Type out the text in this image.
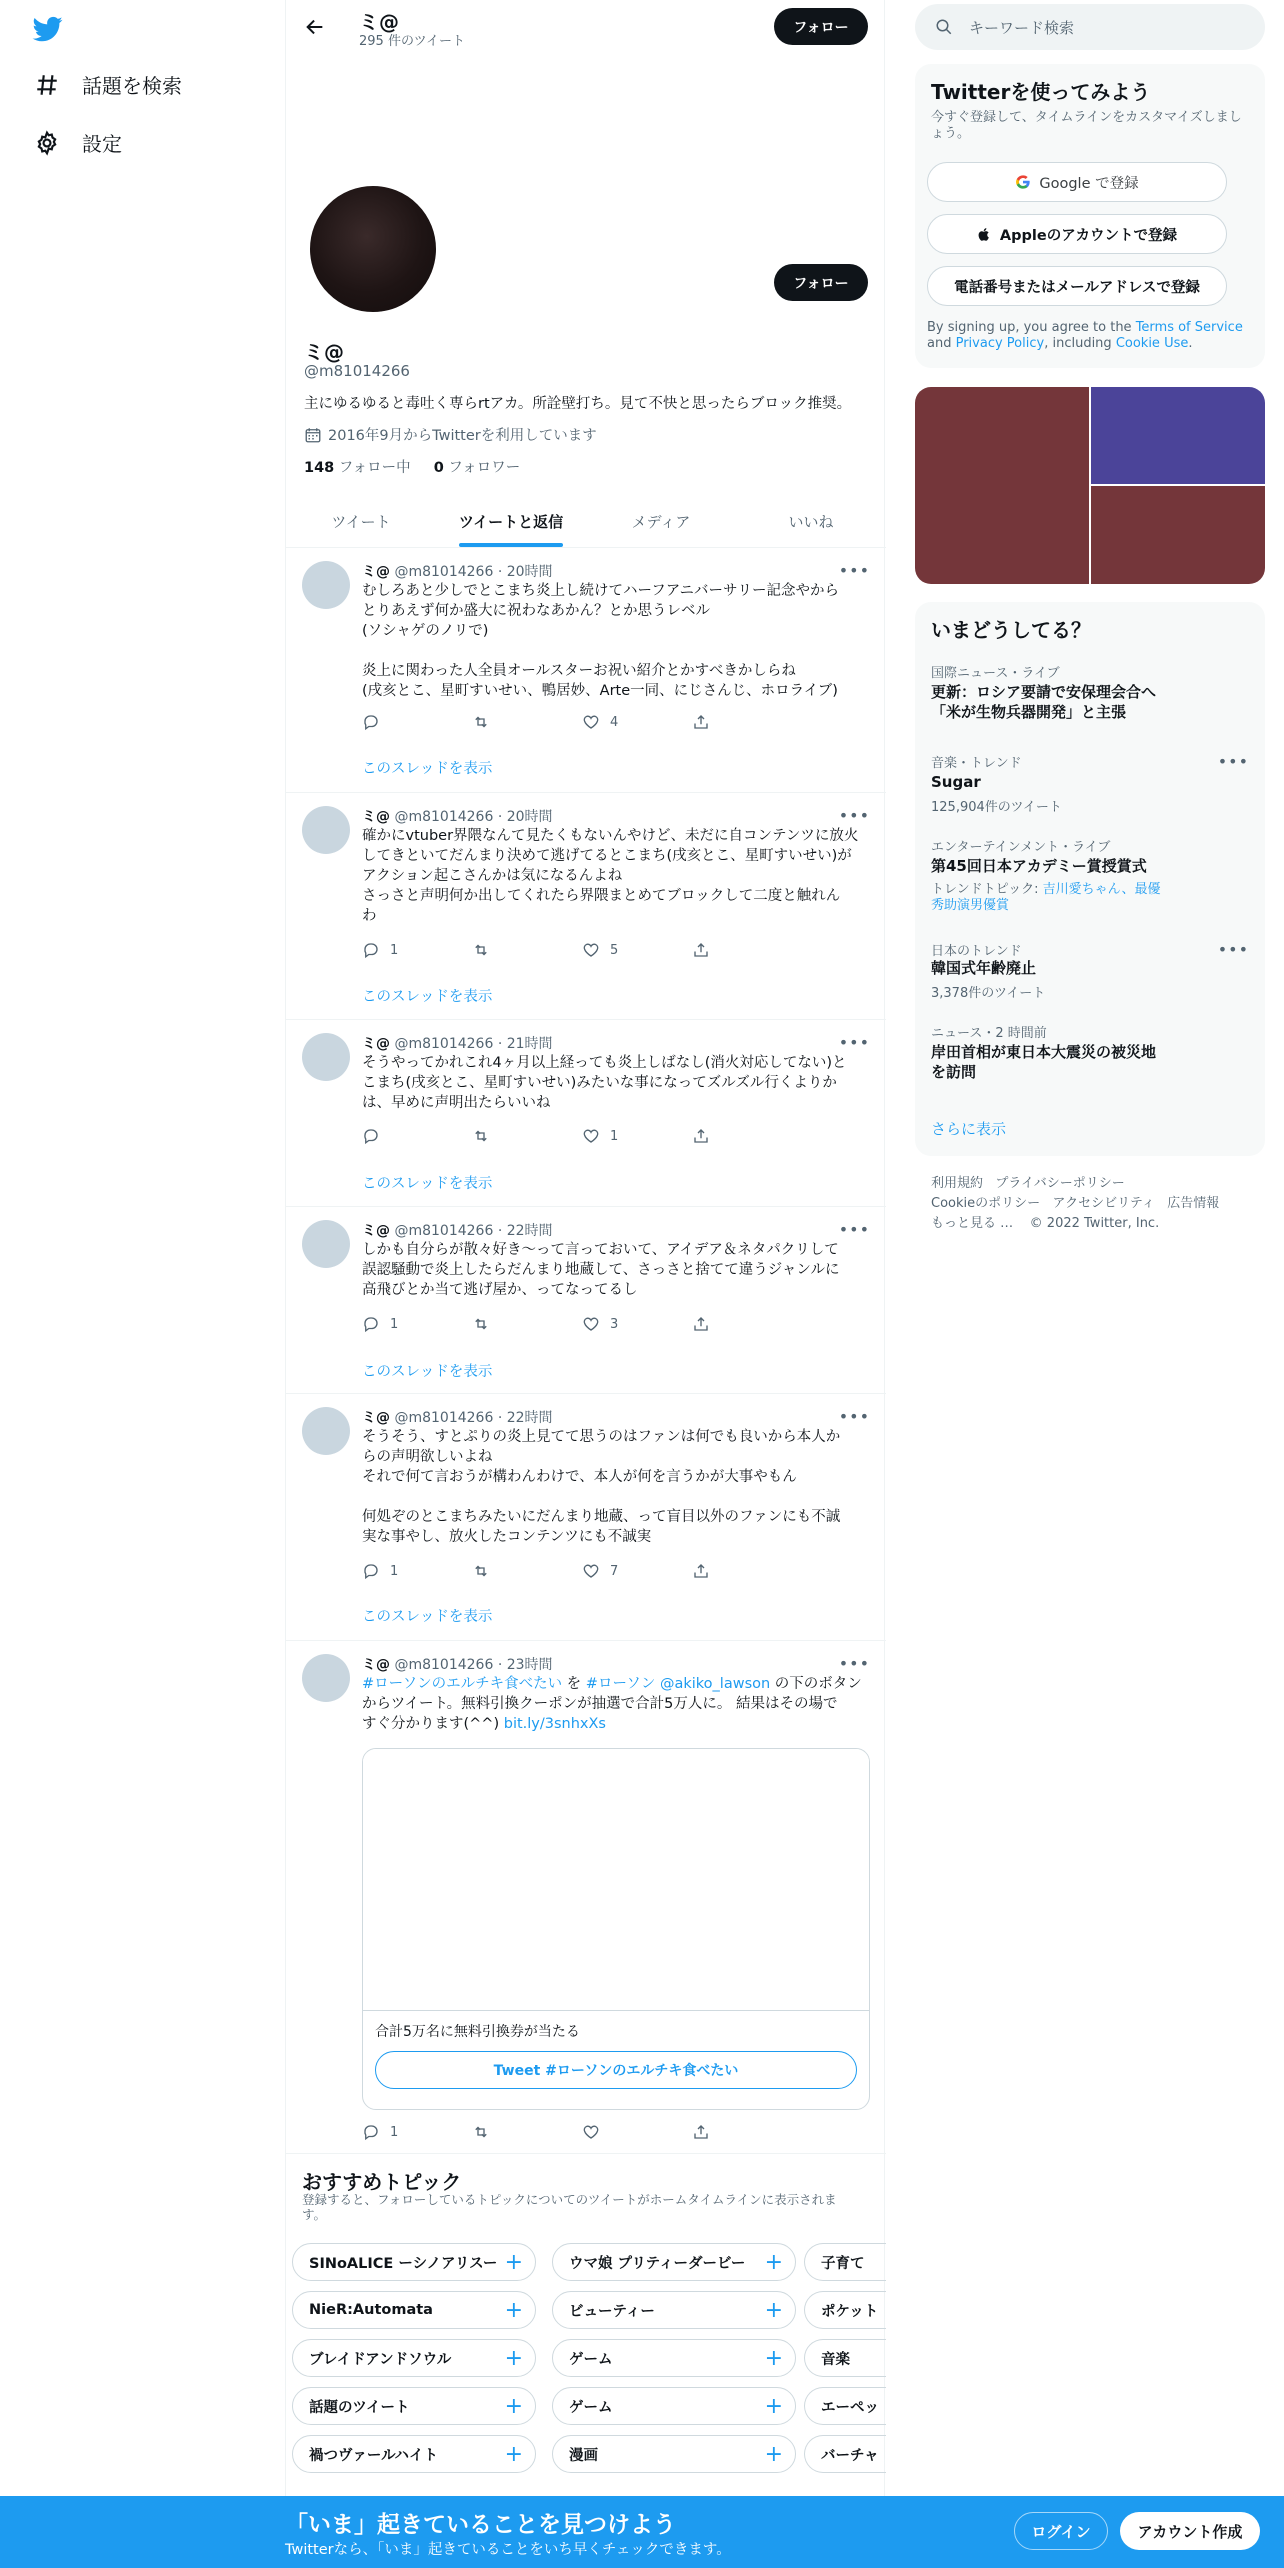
話題を検索
設定
ミ@
295 件のツイート
フォロー
フォロー
ミ@
@m81014266
主にゆるゆると毒吐く専らrtアカ。所詮壁打ち。見て不快と思ったらブロック推奨。
2016年9月からTwitterを利用しています
148 フォロー中 0 フォロワー
ツイート	ツイートと返信	メディア	いいね
ミ@ @m81014266 · 20時間	•••
むしろあと少しでとこまち炎上し続けてハーフアニバーサリー記念やから
とりあえず何か盛大に祝わなあかん？とか思うレベル
(ソシャゲのノリで)

炎上に関わった人全員オールスターお祝い紹介とかすべきかしらね
(戌亥とこ、星町すいせい、鴨居妙、Arte一同、にじさんじ、ホロライブ)
4
このスレッドを表示
ミ@ @m81014266 · 20時間	•••
確かにvtuber界隈なんて見たくもないんやけど、未だに自コンテンツに放火
してきといてだんまり決めて逃げてるとこまち(戌亥とこ、星町すいせい)が
アクション起こさんかは気になるんよね
さっさと声明何か出してくれたら界隈まとめてブロックして二度と触れん
わ
1	5
このスレッドを表示
ミ@ @m81014266 · 21時間	•••
そうやってかれこれ4ヶ月以上経っても炎上しばなし(消火対応してない)と
こまち(戌亥とこ、星町すいせい)みたいな事になってズルズル行くよりか
は、早めに声明出たらいいね
1
このスレッドを表示
ミ@ @m81014266 · 22時間	•••
しかも自分らが散々好き〜って言っておいて、アイデア＆ネタパクリして
誤認騒動で炎上したらだんまり地蔵して、さっさと捨てて違うジャンルに
高飛びとか当て逃げ屋か、ってなってるし
1	3
このスレッドを表示
ミ@ @m81014266 · 22時間	•••
そうそう、すとぷりの炎上見てて思うのはファンは何でも良いから本人か
らの声明欲しいよね
それで何て言おうが構わんわけで、本人が何を言うかが大事やもん

何処ぞのとこまちみたいにだんまり地蔵、って盲目以外のファンにも不誠
実な事やし、放火したコンテンツにも不誠実
1	7
このスレッドを表示
ミ@ @m81014266 · 23時間	•••
#ローソンのエルチキ食べたい を #ローソン @akiko_lawson の下のボタン
からツイート。無料引換クーポンが抽選で合計5万人に。 結果はその場で
すぐ分かります(^^) bit.ly/3snhxXs
合計5万名に無料引換券が当たる
Tweet #ローソンのエルチキ食べたい
1
おすすめトピック
登録すると、フォローしているトピックについてのツイートがホームタイムラインに表示されま
す。
SINoALICE ーシノアリスー +	ウマ娘 プリティーダービー +	子育て
NieR:Automata	+	ビューティー	+	ポケット
ブレイドアンドソウル +	ゲーム	+	音楽
話題のツイート	+	ゲーム	+	エーペッ
禍つヴァールハイト	+	漫画	+	バーチャ
キーワード検索
Twitterを使ってみよう
今すぐ登録して、タイムラインをカスタマイズしましょう。
Google で登録
Appleのアカウントで登録
電話番号またはメールアドレスで登録
By signing up, you agree to the Terms of Service and Privacy Policy, including Cookie Use.
いまどうしてる？
国際ニュース・ライブ
更新：ロシア要請で安保理会合へ
「米が生物兵器開発」と主張
音楽・トレンド	•••
Sugar
125,904件のツイート
エンターテインメント・ライブ
第45回日本アカデミー賞授賞式
トレンドトピック: 吉川愛ちゃん、最優
秀助演男優賞
日本のトレンド	•••
韓国式年齢廃止
3,378件のツイート
ニュース・2 時間前
岸田首相が東日本大震災の被災地
を訪問
さらに表示
利用規約 プライバシーポリシー
Cookieのポリシー アクセシビリティ 広告情報
もっと見る … © 2022 Twitter, Inc.
「いま」起きていることを見つけよう
Twitterなら、「いま」起きていることをいち早くチェックできます。
ログイン	アカウント作成
